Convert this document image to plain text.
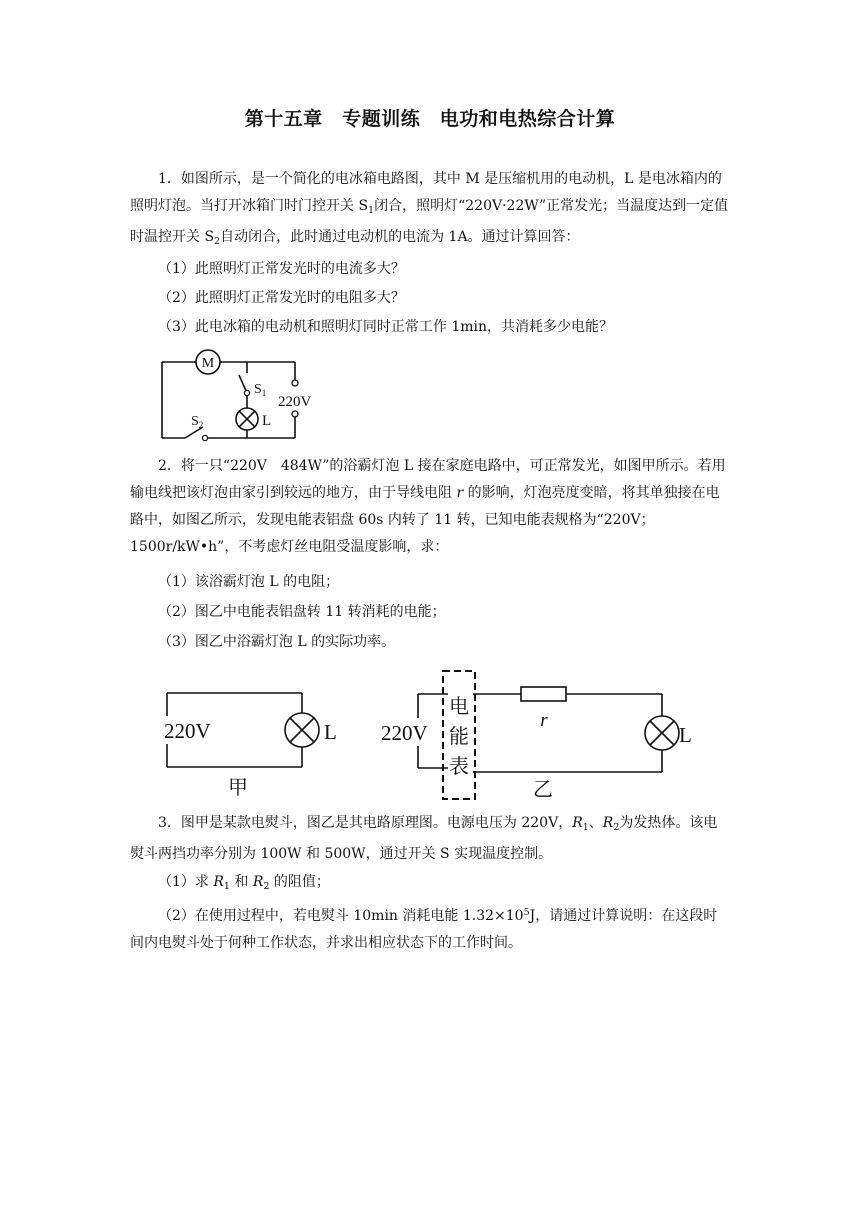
第十五章　专题训练　电功和电热综合计算

1．如图所示，是一个简化的电冰箱电路图，其中 M 是压缩机用的电动机，L 是电冰箱内的照明灯泡。当打开冰箱门时门控开关 $S_1$闭合，照明灯“220V·22W”正常发光；当温度达到一定值时温控开关 $S_2$自动闭合，此时通过电动机的电流为 1A。通过计算回答：

（1）此照明灯正常发光时的电流多大？

（2）此照明灯正常发光时的电阻多大？

（3）此电冰箱的电动机和照明灯同时正常工作 1min，共消耗多少电能？

M
$S_1$
220V
L
$S_2$

2．将一只“220V　484W”的浴霸灯泡 L 接在家庭电路中，可正常发光，如图甲所示。若用输电线把该灯泡由家引到较远的地方，由于导线电阻 r 的影响，灯泡亮度变暗，将其单独接在电路中，如图乙所示，发现电能表铝盘 60s 内转了 11 转，已知电能表规格为“220V；1500r/kW•h”，不考虑灯丝电阻受温度影响，求：

（1）该浴霸灯泡 L 的电阻；

（2）图乙中电能表铝盘转 11 转消耗的电能；

（3）图乙中浴霸灯泡 L 的实际功率。

220V	L
甲
电
能
表
r
L
220V
乙

3．图甲是某款电熨斗，图乙是其电路原理图。电源电压为 220V，$R_1$、$R_2$为发热体。该电熨斗两挡功率分别为 100W 和 500W，通过开关 S 实现温度控制。

（1）求 $R_1$ 和 $R_2$ 的阻值；

（2）在使用过程中，若电熨斗 10min 消耗电能 $1.32\times 10^5J$，请通过计算说明：在这段时间内电熨斗处于何种工作状态，并求出相应状态下的工作时间。
